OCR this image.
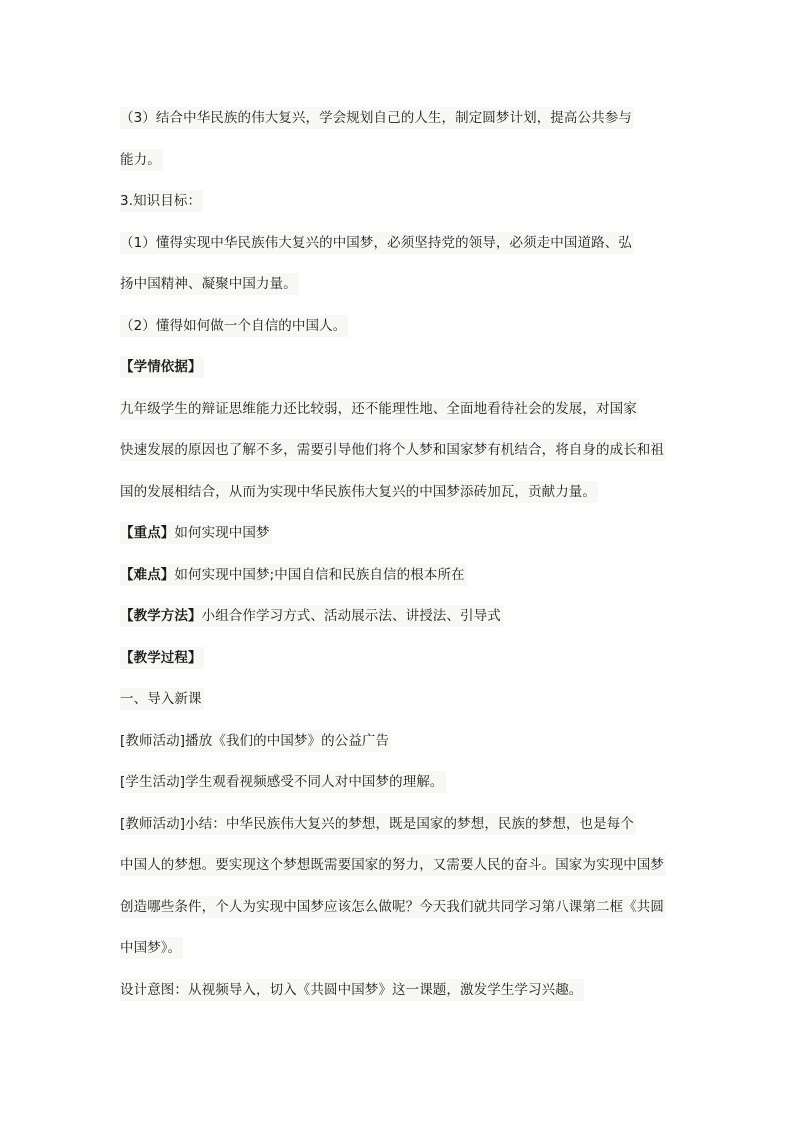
（3）结合中华民族的伟大复兴，学会规划自己的人生，制定圆梦计划，提高公共参与
能力。
3.知识目标：
（1）懂得实现中华民族伟大复兴的中国梦，必须坚持党的领导，必须走中国道路、弘
扬中国精神、凝聚中国力量。
（2）懂得如何做一个自信的中国人。
【学情依据】
九年级学生的辩证思维能力还比较弱，还不能理性地、全面地看待社会的发展，对国家
快速发展的原因也了解不多，需要引导他们将个人梦和国家梦有机结合，将自身的成长和祖
国的发展相结合，从而为实现中华民族伟大复兴的中国梦添砖加瓦，贡献力量。
【重点】如何实现中国梦
【难点】如何实现中国梦;中国自信和民族自信的根本所在
【教学方法】小组合作学习方式、活动展示法、讲授法、引导式
【教学过程】
一、导入新课
[教师活动]播放《我们的中国梦》的公益广告
[学生活动]学生观看视频感受不同人对中国梦的理解。
[教师活动]小结：中华民族伟大复兴的梦想，既是国家的梦想，民族的梦想，也是每个
中国人的梦想。要实现这个梦想既需要国家的努力，又需要人民的奋斗。国家为实现中国梦
创造哪些条件，个人为实现中国梦应该怎么做呢？今天我们就共同学习第八课第二框《共圆
中国梦》。
设计意图：从视频导入，切入《共圆中国梦》这一课题，激发学生学习兴趣。
